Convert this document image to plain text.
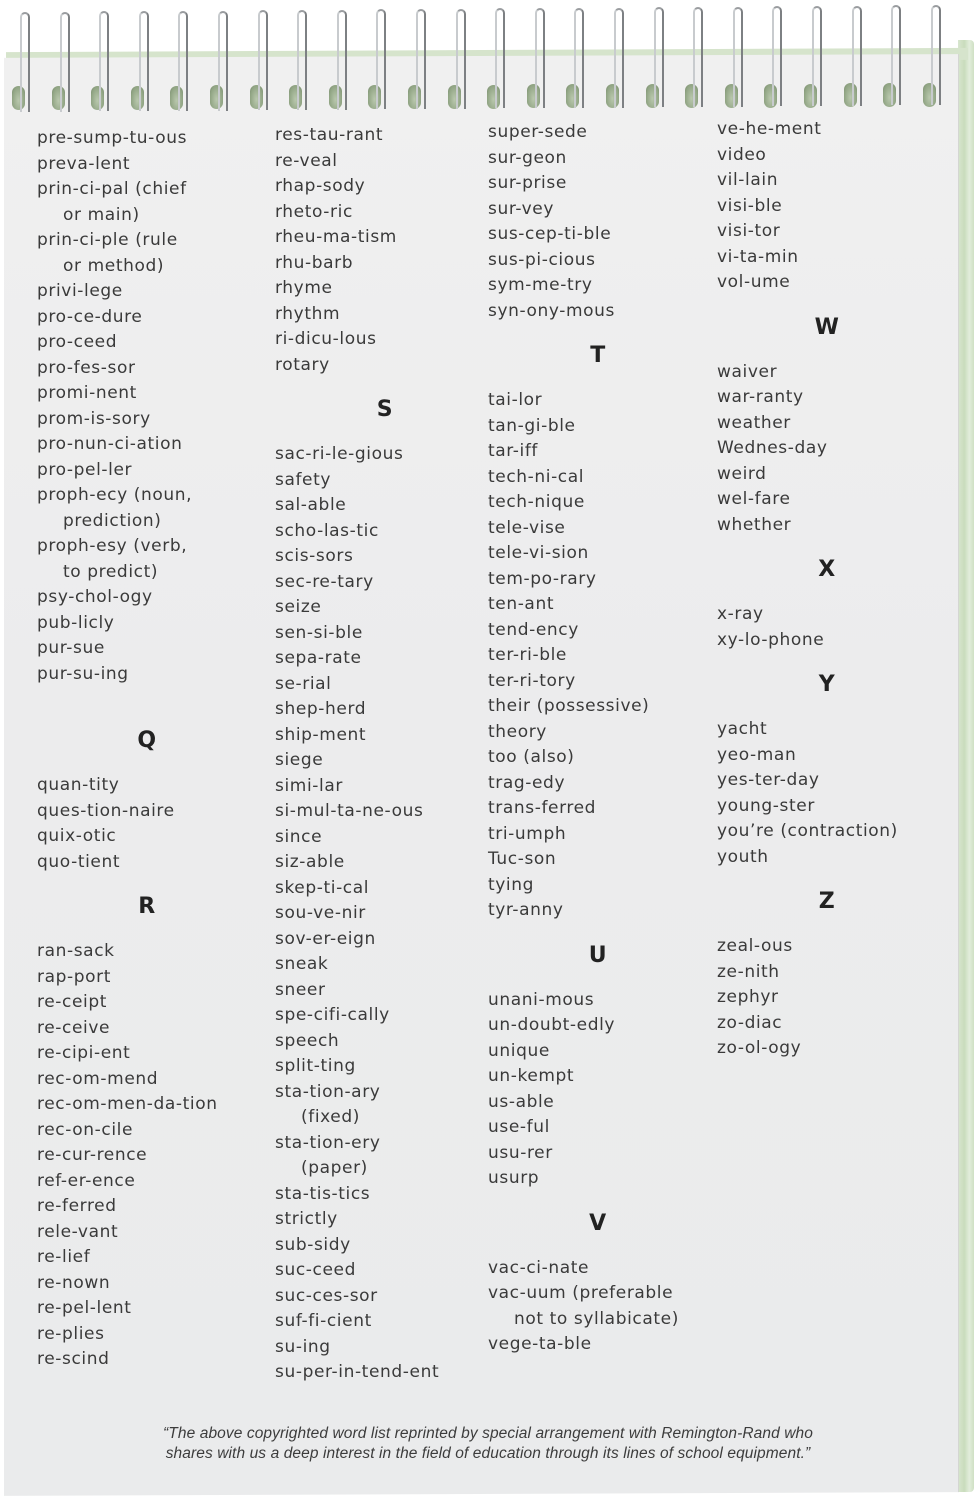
pre-sump-tu-ous
preva-lent
prin-ci-pal (chief
or main)
prin-ci-ple (rule
or method)
privi-lege
pro-ce-dure
pro-ceed
pro-fes-sor
promi-nent
prom-is-sory
pro-nun-ci-ation
pro-pel-ler
proph-ecy (noun,
prediction)
proph-esy (verb,
to predict)
psy-chol-ogy
pub-licly
pur-sue
pur-su-ing
Q
quan-tity
ques-tion-naire
quix-otic
quo-tient
R
ran-sack
rap-port
re-ceipt
re-ceive
re-cipi-ent
rec-om-mend
rec-om-men-da-tion
rec-on-cile
re-cur-rence
ref-er-ence
re-ferred
rele-vant
re-lief
re-nown
re-pel-lent
re-plies
re-scind
res-tau-rant
re-veal
rhap-sody
rheto-ric
rheu-ma-tism
rhu-barb
rhyme
rhythm
ri-dicu-lous
rotary
S
sac-ri-le-gious
safety
sal-able
scho-las-tic
scis-sors
sec-re-tary
seize
sen-si-ble
sepa-rate
se-rial
shep-herd
ship-ment
siege
simi-lar
si-mul-ta-ne-ous
since
siz-able
skep-ti-cal
sou-ve-nir
sov-er-eign
sneak
sneer
spe-cifi-cally
speech
split-ting
sta-tion-ary
(fixed)
sta-tion-ery
(paper)
sta-tis-tics
strictly
sub-sidy
suc-ceed
suc-ces-sor
suf-fi-cient
su-ing
su-per-in-tend-ent
super-sede
sur-geon
sur-prise
sur-vey
sus-cep-ti-ble
sus-pi-cious
sym-me-try
syn-ony-mous
T
tai-lor
tan-gi-ble
tar-iff
tech-ni-cal
tech-nique
tele-vise
tele-vi-sion
tem-po-rary
ten-ant
tend-ency
ter-ri-ble
ter-ri-tory
their (possessive)
theory
too (also)
trag-edy
trans-ferred
tri-umph
Tuc-son
tying
tyr-anny
U
unani-mous
un-doubt-edly
unique
un-kempt
us-able
use-ful
usu-rer
usurp
V
vac-ci-nate
vac-uum (preferable
not to syllabicate)
vege-ta-ble
ve-he-ment
video
vil-lain
visi-ble
visi-tor
vi-ta-min
vol-ume
W
waiver
war-ranty
weather
Wednes-day
weird
wel-fare
whether
X
x-ray
xy-lo-phone
Y
yacht
yeo-man
yes-ter-day
young-ster
you’re (contraction)
youth
Z
zeal-ous
ze-nith
zephyr
zo-diac
zo-ol-ogy
“The above copyrighted word list reprinted by special arrangement with Remington-Rand who
shares with us a deep interest in the field of education through its lines of school equipment.”
